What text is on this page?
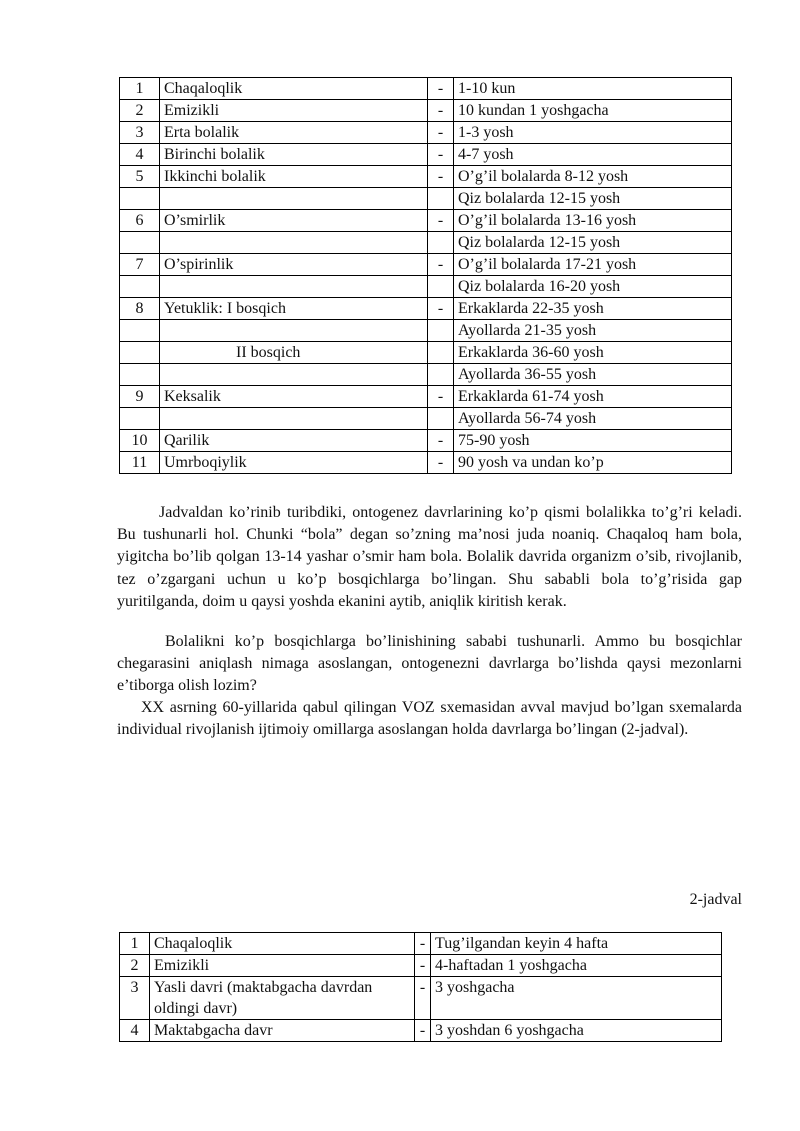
1	Chaqaloqlik	-	1-10 kun
2	Emizikli	-	10 kundan 1 yoshgacha
3	Erta bolalik	-	1-3 yosh
4	Birinchi bolalik	-	4-7 yosh
5	Ikkinchi bolalik	-	O’g’il bolalarda 8-12 yosh
			Qiz bolalarda 12-15 yosh
6	O’smirlik	-	O’g’il bolalarda 13-16 yosh
			Qiz bolalarda 12-15 yosh
7	O’spirinlik	-	O’g’il bolalarda 17-21 yosh
			Qiz bolalarda 16-20 yosh
8	Yetuklik: I bosqich	-	Erkaklarda 22-35 yosh
			Ayollarda 21-35 yosh
	II bosqich		Erkaklarda 36-60 yosh
			Ayollarda 36-55 yosh
9	Keksalik	-	Erkaklarda 61-74 yosh
			Ayollarda 56-74 yosh
10	Qarilik	-	75-90 yosh
11	Umrboqiylik	-	90 yosh va undan ko’p

Jadvaldan ko’rinib turibdiki, ontogenez davrlarining ko’p qismi bolalikka to’g’ri keladi. Bu tushunarli hol. Chunki “bola” degan so’zning ma’nosi juda noaniq. Chaqaloq ham bola, yigitcha bo’lib qolgan 13-14 yashar o’smir ham bola. Bolalik davrida organizm o’sib, rivojlanib, tez o’zgargani uchun u ko’p bosqichlarga bo’lingan. Shu sababli bola to’g’risida gap yuritilganda, doim u qaysi yoshda ekanini aytib, aniqlik kiritish kerak.

Bolalikni ko’p bosqichlarga bo’linishining sababi tushunarli. Ammo bu bosqichlar chegarasini aniqlash nimaga asoslangan, ontogenezni davrlarga bo’lishda qaysi mezonlarni e’tiborga olish lozim?

XX asrning 60-yillarida qabul qilingan VOZ sxemasidan avval mavjud bo’lgan sxemalarda individual rivojlanish ijtimoiy omillarga asoslangan holda davrlarga bo’lingan (2-jadval).

2-jadval
1	Chaqaloqlik	-	Tug’ilgandan keyin 4 hafta
2	Emizikli	-	4-haftadan 1 yoshgacha
3	Yasli davri (maktabgacha davrdan oldingi davr)	-	3 yoshgacha
4	Maktabgacha davr	-	3 yoshdan 6 yoshgacha
